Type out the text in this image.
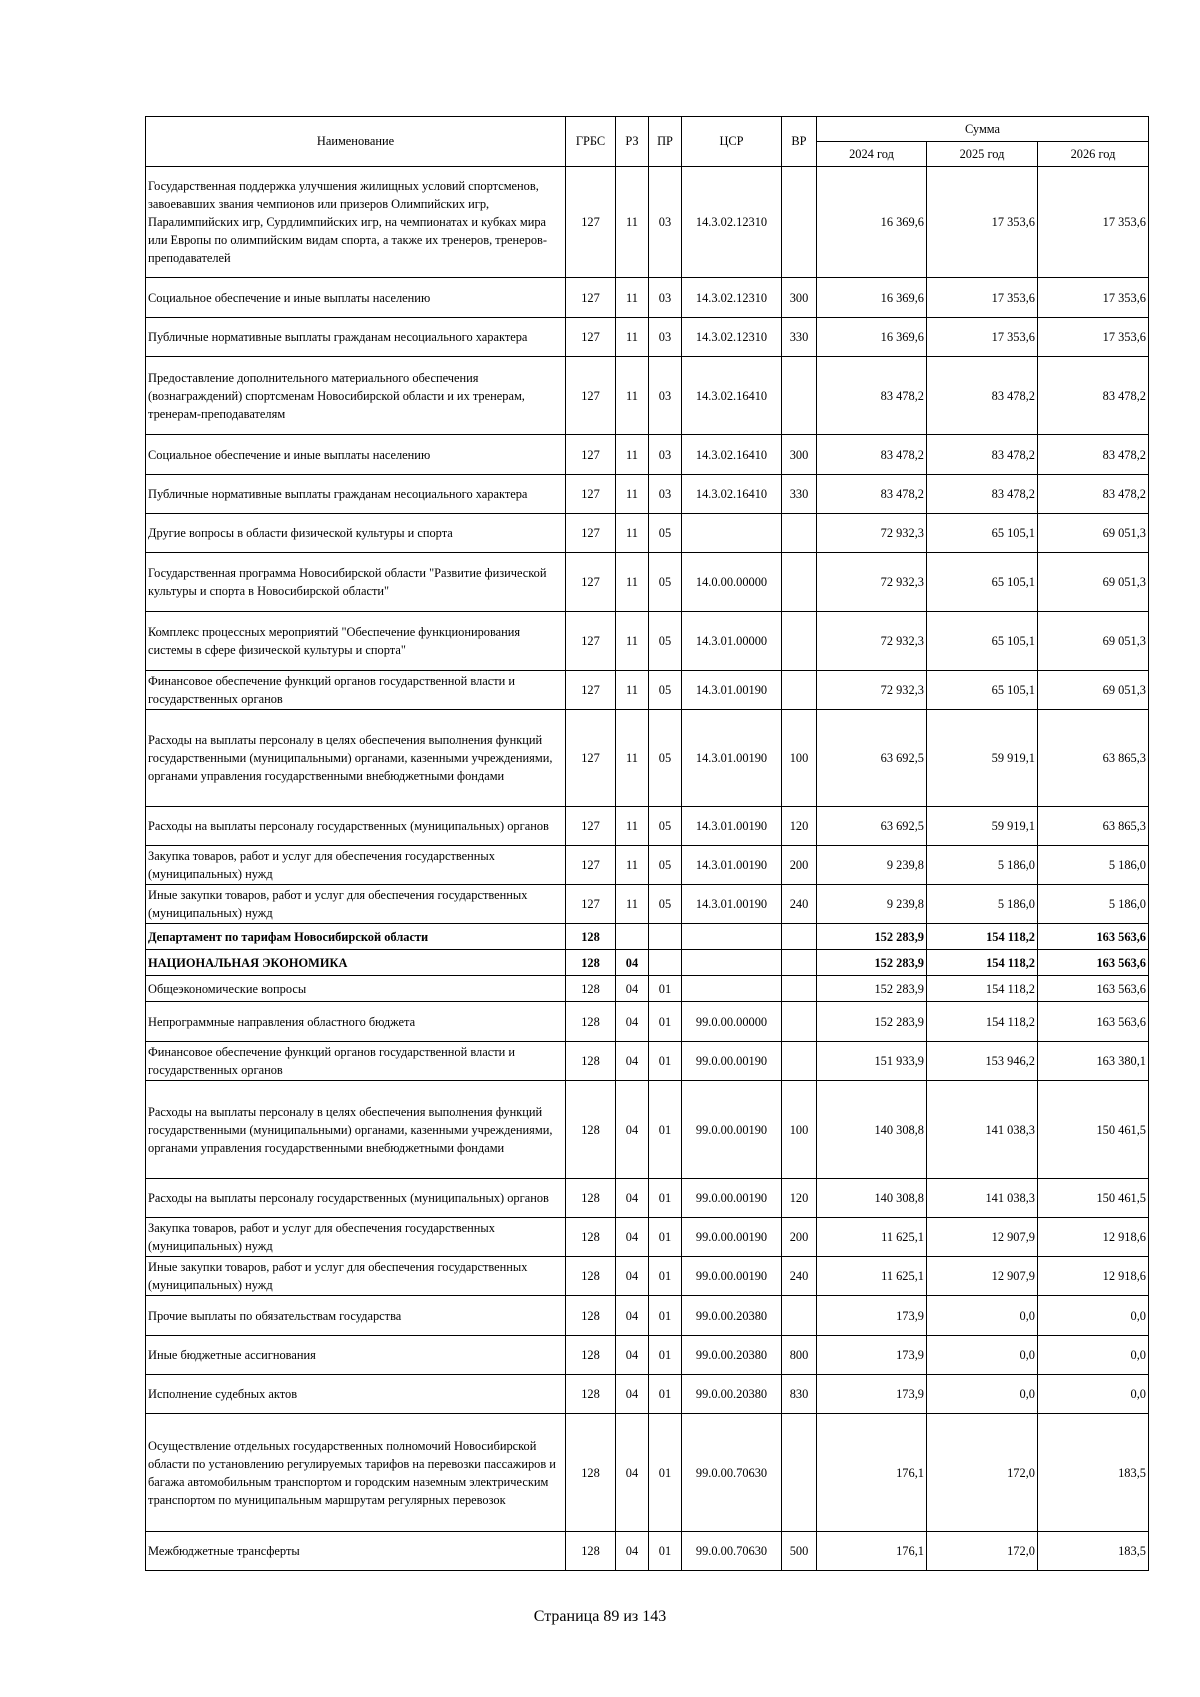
Наименование	ГРБС	РЗ	ПР	ЦСР	ВР	Сумма		
						2024 год	2025 год	2026 год
Государственная поддержка улучшения жилищных условий спортсменов, завоевавших звания чемпионов или призеров Олимпийских игр, Паралимпийских игр, Сурдлимпийских игр, на чемпионатах и кубках мира или Европы по олимпийским видам спорта, а также их тренеров, тренеров-преподавателей	127	11	03	14.3.02.12310		16 369,6	17 353,6	17 353,6
Социальное обеспечение и иные выплаты населению	127	11	03	14.3.02.12310	300	16 369,6	17 353,6	17 353,6
Публичные нормативные выплаты гражданам несоциального характера	127	11	03	14.3.02.12310	330	16 369,6	17 353,6	17 353,6
Предоставление дополнительного материального обеспечения (вознаграждений) спортсменам Новосибирской области и их тренерам, тренерам-преподавателям	127	11	03	14.3.02.16410		83 478,2	83 478,2	83 478,2
Социальное обеспечение и иные выплаты населению	127	11	03	14.3.02.16410	300	83 478,2	83 478,2	83 478,2
Публичные нормативные выплаты гражданам несоциального характера	127	11	03	14.3.02.16410	330	83 478,2	83 478,2	83 478,2
Другие вопросы в области физической культуры и спорта	127	11	05			72 932,3	65 105,1	69 051,3
Государственная программа Новосибирской области "Развитие физической культуры и спорта в Новосибирской области"	127	11	05	14.0.00.00000		72 932,3	65 105,1	69 051,3
Комплекс процессных мероприятий "Обеспечение функционирования системы в сфере физической культуры и спорта"	127	11	05	14.3.01.00000		72 932,3	65 105,1	69 051,3
Финансовое обеспечение функций органов государственной власти и государственных органов	127	11	05	14.3.01.00190		72 932,3	65 105,1	69 051,3
Расходы на выплаты персоналу в целях обеспечения выполнения функций государственными (муниципальными) органами, казенными учреждениями, органами управления государственными внебюджетными фондами	127	11	05	14.3.01.00190	100	63 692,5	59 919,1	63 865,3
Расходы на выплаты персоналу государственных (муниципальных) органов	127	11	05	14.3.01.00190	120	63 692,5	59 919,1	63 865,3
Закупка товаров, работ и услуг для обеспечения государственных (муниципальных) нужд	127	11	05	14.3.01.00190	200	9 239,8	5 186,0	5 186,0
Иные закупки товаров, работ и услуг для обеспечения государственных (муниципальных) нужд	127	11	05	14.3.01.00190	240	9 239,8	5 186,0	5 186,0
Департамент по тарифам Новосибирской области	128					152 283,9	154 118,2	163 563,6
НАЦИОНАЛЬНАЯ ЭКОНОМИКА	128	04				152 283,9	154 118,2	163 563,6
Общеэкономические вопросы	128	04	01			152 283,9	154 118,2	163 563,6
Непрограммные направления областного бюджета	128	04	01	99.0.00.00000		152 283,9	154 118,2	163 563,6
Финансовое обеспечение функций органов государственной власти и государственных органов	128	04	01	99.0.00.00190		151 933,9	153 946,2	163 380,1
Расходы на выплаты персоналу в целях обеспечения выполнения функций государственными (муниципальными) органами, казенными учреждениями, органами управления государственными внебюджетными фондами	128	04	01	99.0.00.00190	100	140 308,8	141 038,3	150 461,5
Расходы на выплаты персоналу государственных (муниципальных) органов	128	04	01	99.0.00.00190	120	140 308,8	141 038,3	150 461,5
Закупка товаров, работ и услуг для обеспечения государственных (муниципальных) нужд	128	04	01	99.0.00.00190	200	11 625,1	12 907,9	12 918,6
Иные закупки товаров, работ и услуг для обеспечения государственных (муниципальных) нужд	128	04	01	99.0.00.00190	240	11 625,1	12 907,9	12 918,6
Прочие выплаты по обязательствам государства	128	04	01	99.0.00.20380		173,9	0,0	0,0
Иные бюджетные ассигнования	128	04	01	99.0.00.20380	800	173,9	0,0	0,0
Исполнение судебных актов	128	04	01	99.0.00.20380	830	173,9	0,0	0,0
Осуществление отдельных государственных полномочий Новосибирской области по установлению регулируемых тарифов на перевозки пассажиров и багажа автомобильным транспортом и городским наземным электрическим транспортом по муниципальным маршрутам регулярных перевозок	128	04	01	99.0.00.70630		176,1	172,0	183,5
Межбюджетные трансферты	128	04	01	99.0.00.70630	500	176,1	172,0	183,5
Страница 89 из 143
